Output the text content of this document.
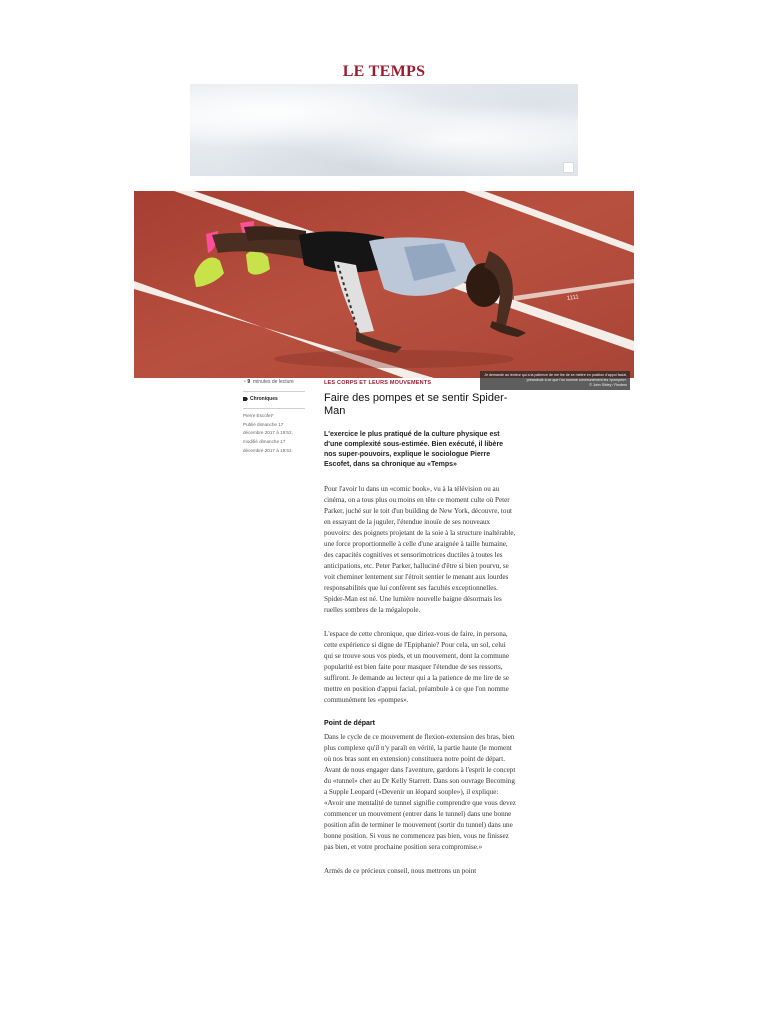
LE TEMPS
1111
Je demande au lecteur qui a la patience de me lire de se mettre en position d'appui facial, préambule à ce que l'on nomme communément les «pompes».
© John Sibley / Reuters
◔ 9 minutes de lecture
Chroniques
Pierre Escofet*
Publié dimanche 17 décembre 2017 à 19:52,
modifié dimanche 17 décembre 2017 à 19:52.
LES CORPS ET LEURS MOUVEMENTS
Faire des pompes et se sentir Spider-Man

L'exercice le plus pratiqué de la culture physique est d'une complexité sous-estimée. Bien exécuté, il libère nos super-pouvoirs, explique le sociologue Pierre Escofet, dans sa chronique au «Temps»

Pour l'avoir lu dans un «comic book», vu à la télévision ou au cinéma, on a tous plus ou moins en tête ce moment culte où Peter Parker, juché sur le toit d'un building de New York, découvre, tout en essayant de la juguler, l'étendue inouïe de ses nouveaux pouvoirs: des poignets projetant de la soie à la structure inaltérable, une force proportionnelle à celle d'une araignée à taille humaine, des capacités cognitives et sensorimotrices ductiles à toutes les anticipations, etc. Peter Parker, halluciné d'être si bien pourvu, se voit cheminer lentement sur l'étroit sentier le menant aux lourdes responsabilités que lui confèrent ses facultés exceptionnelles. Spider-Man est né. Une lumière nouvelle baigne désormais les ruelles sombres de la mégalopole.

L'espace de cette chronique, que diriez-vous de faire, in persona, cette expérience si digne de l'Epiphanie? Pour cela, un sol, celui qui se trouve sous vos pieds, et un mouvement, dont la commune popularité est bien faite pour masquer l'étendue de ses ressorts, suffiront. Je demande au lecteur qui a la patience de me lire de se mettre en position d'appui facial, préambule à ce que l'on nomme communément les «pompes».

Point de départ

Dans le cycle de ce mouvement de flexion-extension des bras, bien plus complexe qu'il n'y paraît en vérité, la partie haute (le moment où nos bras sont en extension) constituera notre point de départ. Avant de nous engager dans l'aventure, gardons à l'esprit le concept du «tunnel» cher au Dr Kelly Starrett. Dans son ouvrage Becoming a Supple Leopard («Devenir un léopard souple»), il explique: «Avoir une mentalité de tunnel signifie comprendre que vous devez commencer un mouvement (entrer dans le tunnel) dans une bonne position afin de terminer le mouvement (sortir du tunnel) dans une bonne position. Si vous ne commencez pas bien, vous ne finissez pas bien, et votre prochaine position sera compromise.»

Armés de ce précieux conseil, nous mettrons un point
